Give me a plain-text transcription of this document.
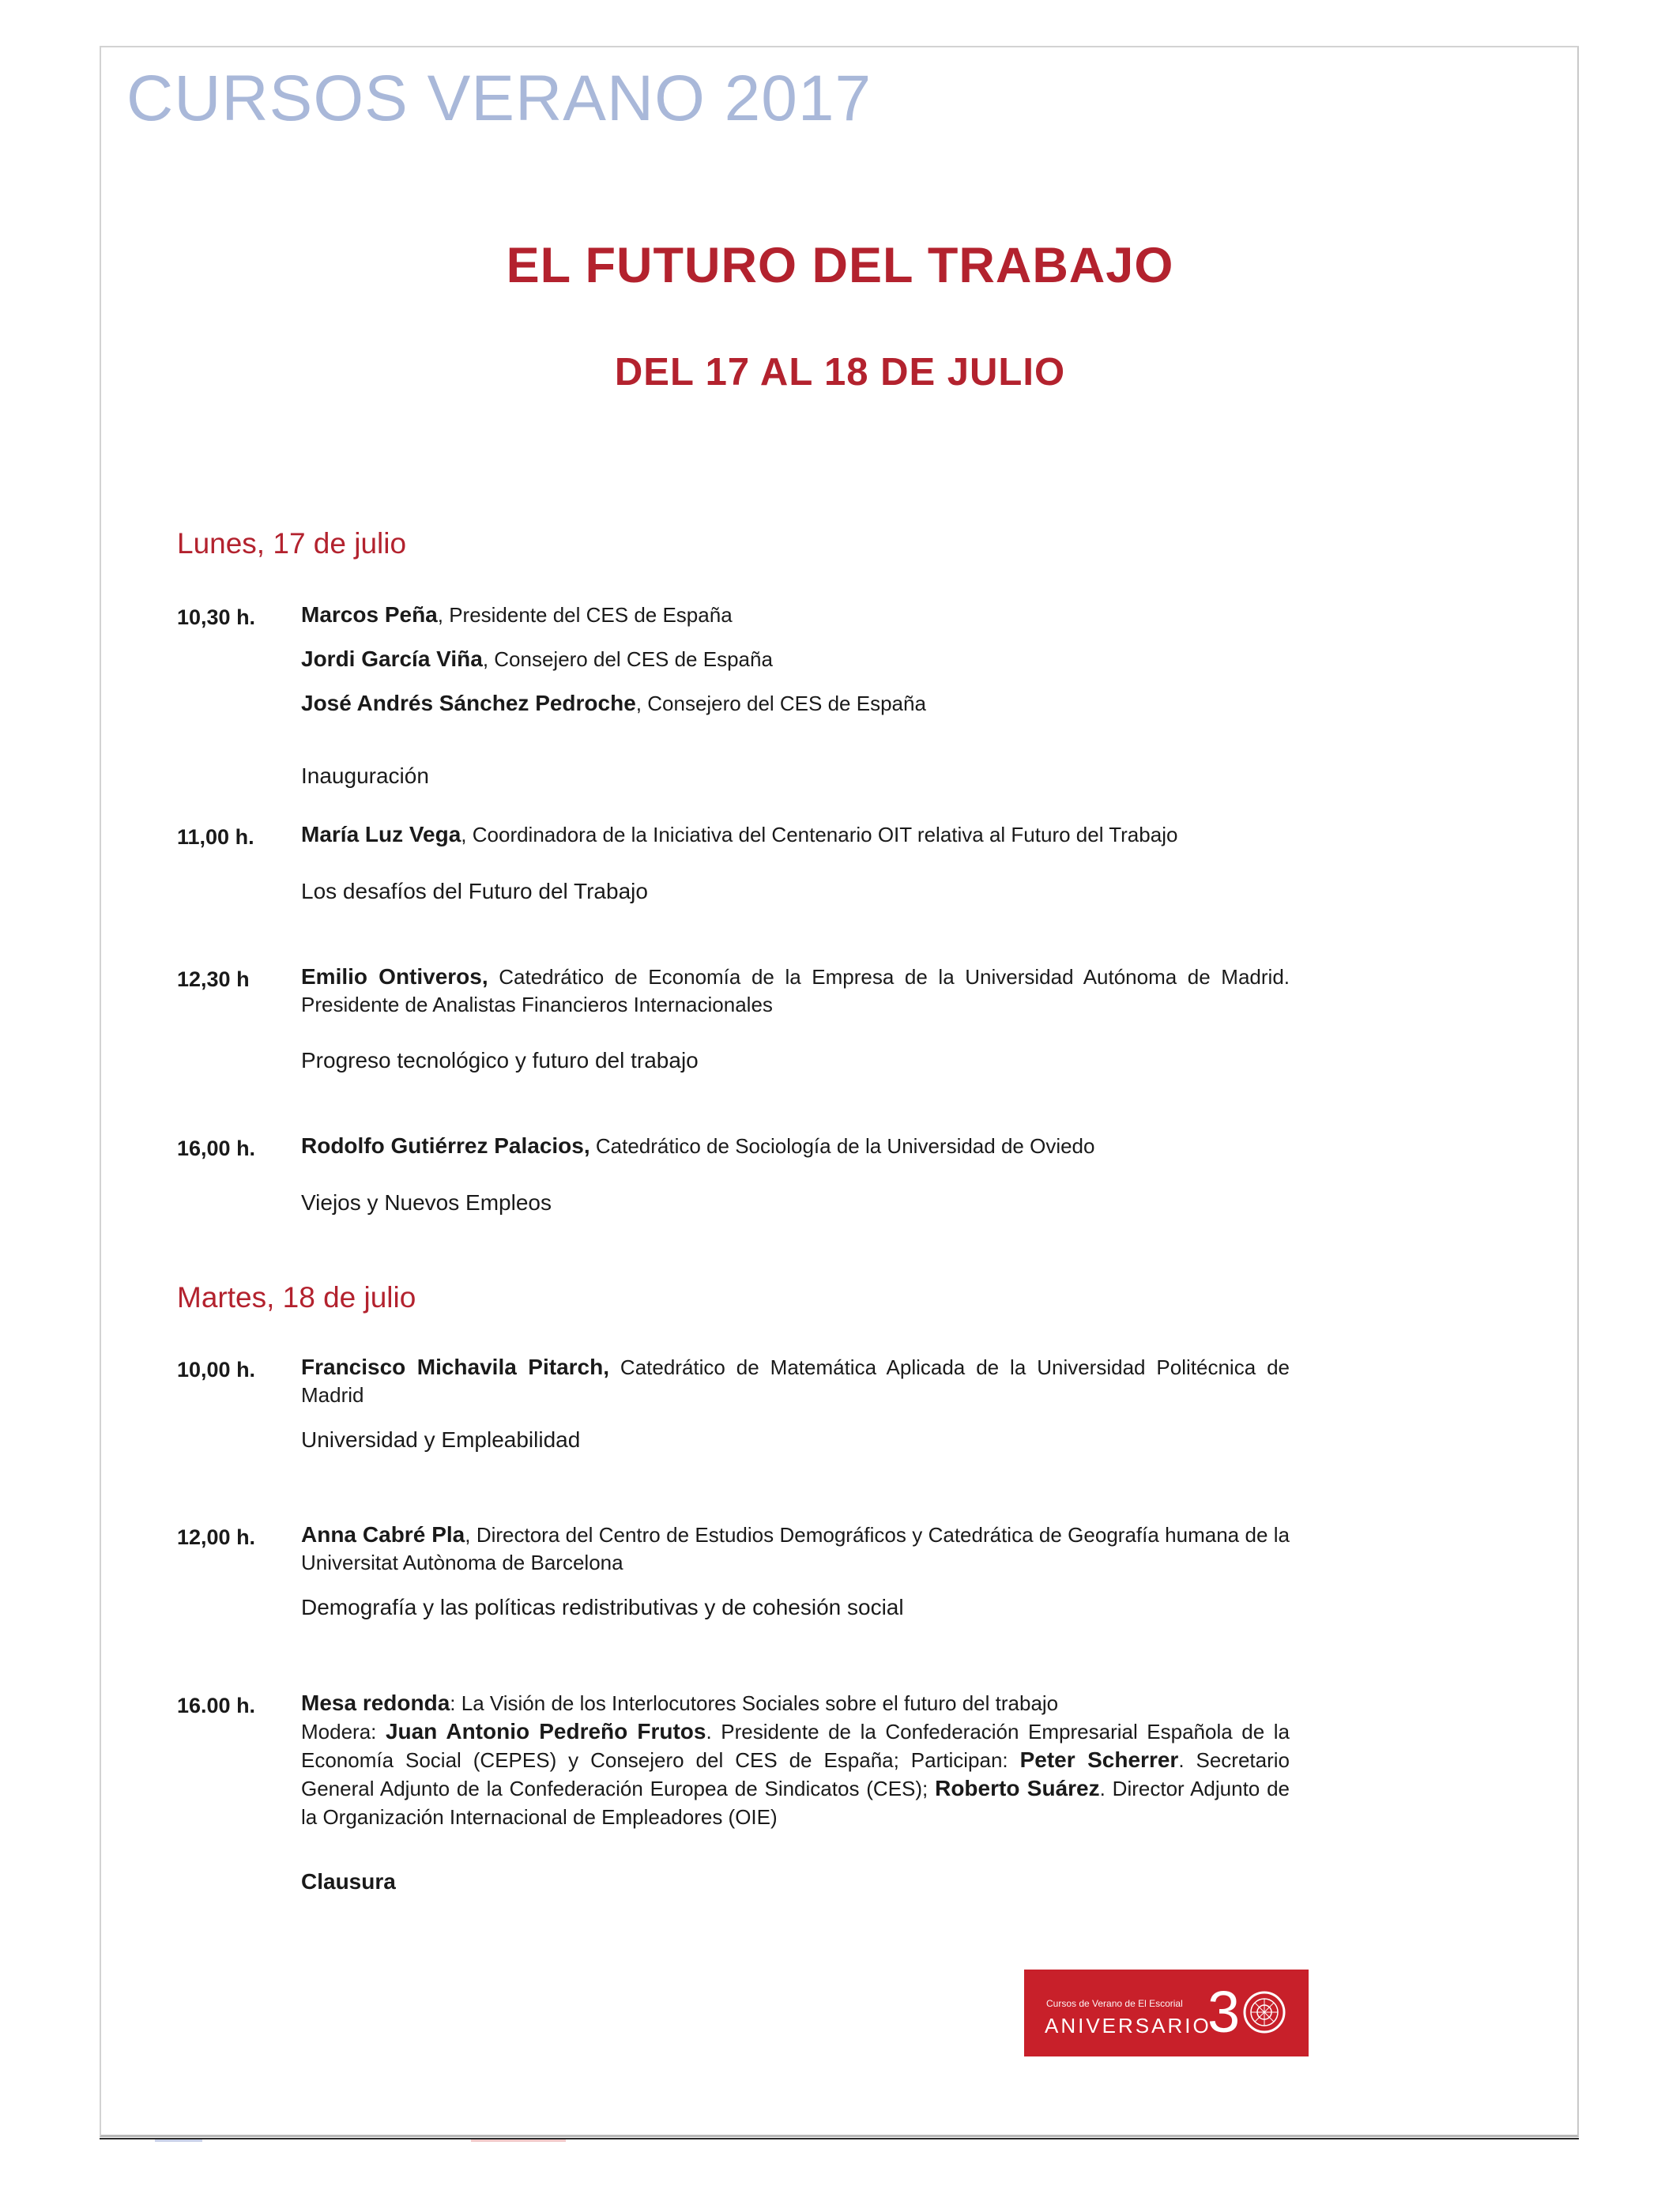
CURSOS VERANO 2017
EL FUTURO DEL TRABAJO
DEL 17 AL 18 DE JULIO
Lunes, 17 de julio
10,30 h. Marcos Peña, Presidente del CES de España
Jordi García Viña, Consejero del CES de España
José Andrés Sánchez Pedroche, Consejero del CES de España
Inauguración
11,00 h. María Luz Vega, Coordinadora de la Iniciativa del Centenario OIT relativa al Futuro del Trabajo
Los desafíos del Futuro del Trabajo
12,30 h Emilio Ontiveros, Catedrático de Economía de la Empresa de la Universidad Autónoma de Madrid. Presidente de Analistas Financieros Internacionales
Progreso tecnológico y futuro del trabajo
16,00 h. Rodolfo Gutiérrez Palacios, Catedrático de Sociología de la Universidad de Oviedo
Viejos y Nuevos Empleos
Martes, 18 de julio
10,00 h. Francisco Michavila Pitarch, Catedrático de Matemática Aplicada de la Universidad Politécnica de Madrid
Universidad y Empleabilidad
12,00 h. Anna Cabré Pla, Directora del Centro de Estudios Demográficos y Catedrática de Geografía humana de la Universitat Autònoma de Barcelona
Demografía y las políticas redistributivas y de cohesión social
16.00 h. Mesa redonda: La Visión de los Interlocutores Sociales sobre el futuro del trabajo
Modera: Juan Antonio Pedreño Frutos. Presidente de la Confederación Empresarial Española de la Economía Social (CEPES) y Consejero del CES de España; Participan: Peter Scherrer. Secretario General Adjunto de la Confederación Europea de Sindicatos (CES); Roberto Suárez. Director Adjunto de la Organización Internacional de Empleadores (OIE)
Clausura
Cursos de Verano de El Escorial
ANIVERSARIO
3
